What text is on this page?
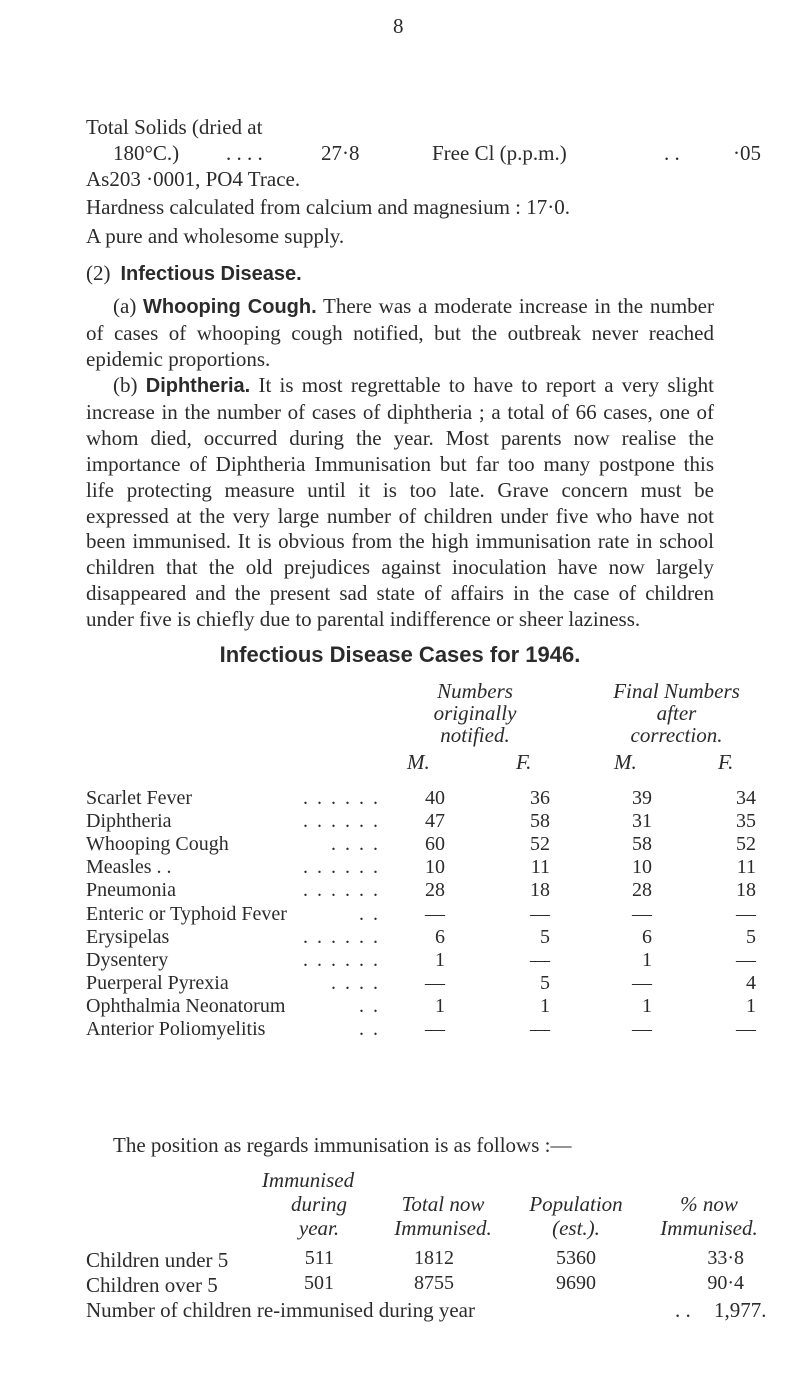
8
Total Solids (dried at
180°C.) . . . .	27·8	Free Cl (p.p.m.)	. .	·05
As203 ·0001, PO4 Trace.
Hardness calculated from calcium and magnesium : 17·0.
A pure and wholesome supply.
(2) Infectious Disease.
(a) Whooping Cough. There was a moderate increase in the number of cases of whooping cough notified, but the outbreak never reached epidemic proportions.
(b) Diphtheria. It is most regrettable to have to report a very slight increase in the number of cases of diphtheria ; a total of 66 cases, one of whom died, occurred during the year. Most parents now realise the importance of Diphtheria Immunisation but far too many postpone this life protecting measure until it is too late. Grave concern must be expressed at the very large number of children under five who have not been immunised. It is obvious from the high immunisation rate in school children that the old prejudices against inoculation have now largely disappeared and the present sad state of affairs in the case of children under five is chiefly due to parental indifference or sheer laziness.
Infectious Disease Cases for 1946.
Numbers
originally
notified.
Final Numbers
after
correction.
M.	F.	M.	F.
Scarlet Fever	. . . . . .	40	36	39	34
Diphtheria	. . . . . .	47	58	31	35
Whooping Cough	. . . .	60	52	58	52
Measles . .	. . . . . .	10	11	10	11
Pneumonia	. . . . . .	28	18	28	18
Enteric or Typhoid Fever	. .	—	—	—	—
Erysipelas	. . . . . .	6	5	6	5
Dysentery	. . . . . .	1	—	1	—
Puerperal Pyrexia	. . . .	—	5	—	4
Ophthalmia Neonatorum	. .	1	1	1	1
Anterior Poliomyelitis	. .	—	—	—	—
The position as regards immunisation is as follows :—
Immunised
during
year.
Total now
Immunised.
Population
(est.).
% now
Immunised.
Children under 5	511	1812	5360	33·8
Children over 5	501	8755	9690	90·4
Number of children re-immunised during year	. . 1,977.
